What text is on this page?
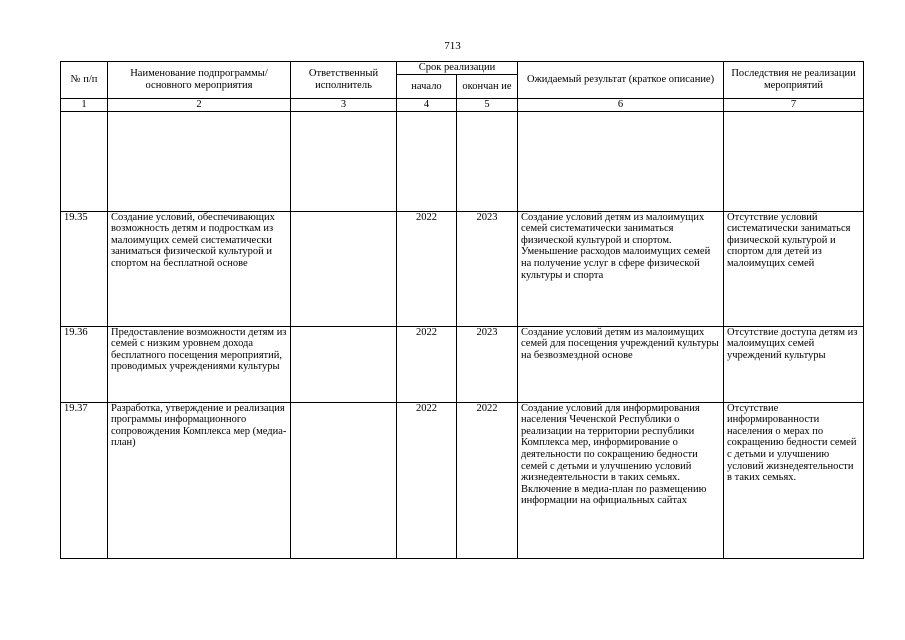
713
№ п/п	Наименование подпрограммы/ основного мероприятия	Ответственный исполнитель	Срок реализации		Ожидаемый результат (краткое описание)	Последствия не реализации мероприятий
			начало	окончан ие		
1	2	3	4	5	6	7

19.35	Создание условий, обеспечивающих возможность детям и подросткам из малоимущих семей систематически заниматься физической культурой и спортом на бесплатной основе		2022	2023	Создание условий детям из малоимущих семей систематически заниматься физической культурой и спортом. Уменьшение расходов малоимущих семей на получение услуг в сфере физической культуры и спорта	Отсутствие условий систематически заниматься физической культурой и спортом для детей из малоимущих семей
19.36	Предоставление возможности детям из семей с низким уровнем дохода бесплатного посещения мероприятий, проводимых учреждениями культуры		2022	2023	Создание условий детям из малоимущих семей для посещения учреждений культуры на безвозмездной основе	Отсутствие доступа детям из малоимущих семей учреждений культуры
19.37	Разработка, утверждение и реализация программы информационного сопровождения Комплекса мер (медиа-план)		2022	2022	Создание условий для информирования населения Чеченской Республики о реализации на территории республики Комплекса мер, информирование о деятельности по сокращению бедности семей с детьми и улучшению условий жизнедеятельности в таких семьях. Включение в медиа-план по размещению информации на официальных сайтах	Отсутствие информированности населения о мерах по сокращению бедности семей с детьми и улучшению условий жизнедеятельности в таких семьях.
